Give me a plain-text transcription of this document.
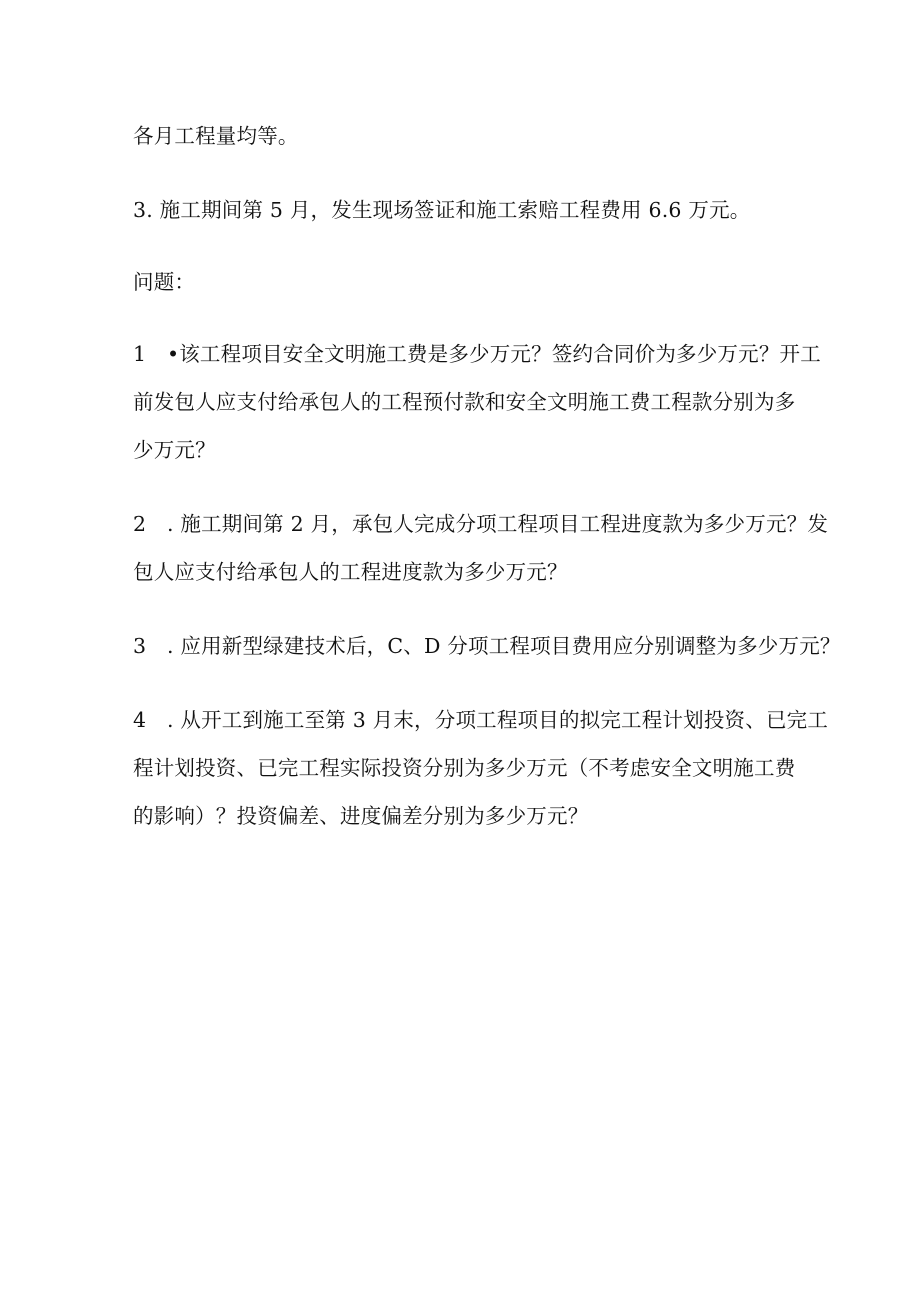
各月工程量均等。
3. 施工期间第 5 月，发生现场签证和施工索赔工程费用 6.6 万元。
问题：
1　•该工程项目安全文明施工费是多少万元？签约合同价为多少万元？开工
前发包人应支付给承包人的工程预付款和安全文明施工费工程款分别为多
少万元？
2　. 施工期间第 2 月，承包人完成分项工程项目工程进度款为多少万元？发
包人应支付给承包人的工程进度款为多少万元？
3　. 应用新型绿建技术后，C、D 分项工程项目费用应分别调整为多少万元？
4　. 从开工到施工至第 3 月末，分项工程项目的拟完工程计划投资、已完工
程计划投资、已完工程实际投资分别为多少万元（不考虑安全文明施工费
的影响）？投资偏差、进度偏差分别为多少万元？
